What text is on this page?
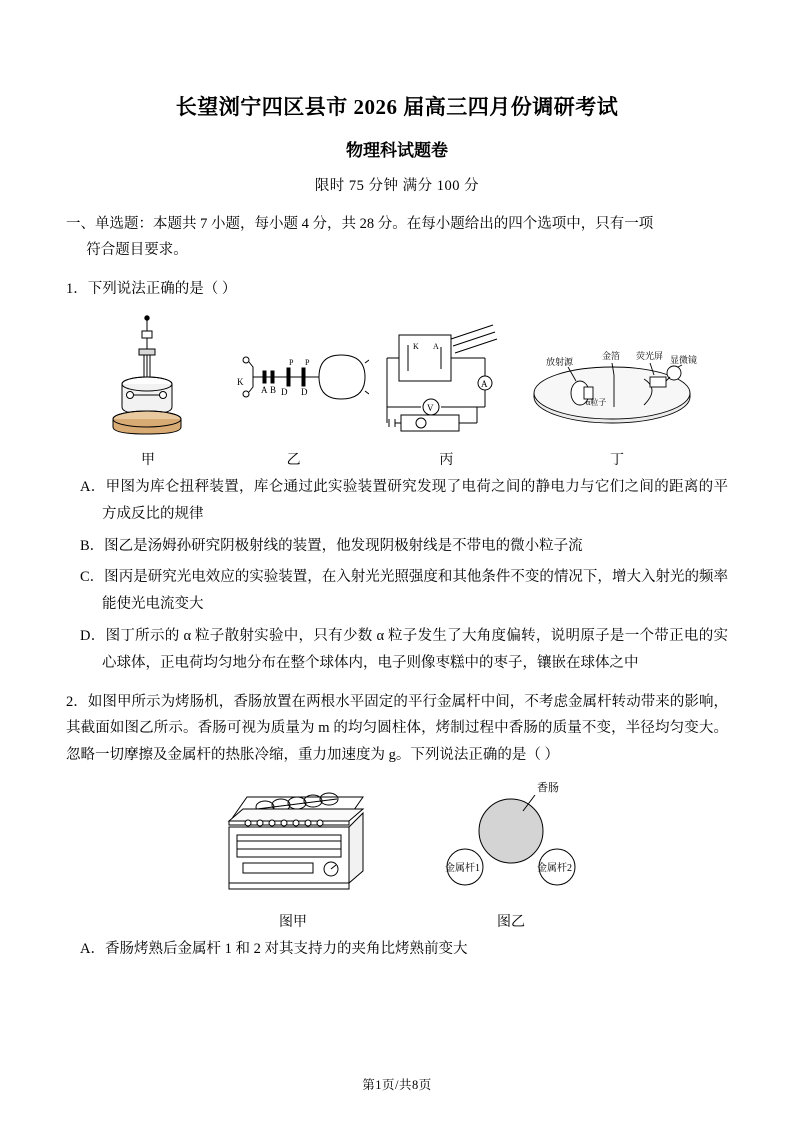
长望浏宁四区县市 2026 届高三四月份调研考试
物理科试题卷
限时 75 分钟 满分 100 分
一、单选题：本题共 7 小题，每小题 4 分，共 28 分。在每小题给出的四个选项中，只有一项
符合题目要求。
1．下列说法正确的是（ ）
甲
K
A B D D
P P
乙
K A
A
V
丙
放射源
金箔 荧光屏 显微镜
α粒子
丁
A．甲图为库仑扭秤装置，库仑通过此实验装置研究发现了电荷之间的静电力与它们之间的距离的平方成反比的规律
B．图乙是汤姆孙研究阴极射线的装置，他发现阴极射线是不带电的微小粒子流
C．图丙是研究光电效应的实验装置，在入射光光照强度和其他条件不变的情况下，增大入射光的频率能使光电流变大
D．图丁所示的 α 粒子散射实验中，只有少数 α 粒子发生了大角度偏转，说明原子是一个带正电的实心球体，正电荷均匀地分布在整个球体内，电子则像枣糕中的枣子，镶嵌在球体之中
2．如图甲所示为烤肠机，香肠放置在两根水平固定的平行金属杆中间，不考虑金属杆转动带来的影响，其截面如图乙所示。香肠可视为质量为 m 的均匀圆柱体，烤制过程中香肠的质量不变，半径均匀变大。忽略一切摩擦及金属杆的热胀冷缩，重力加速度为 g。下列说法正确的是（ ）
图甲
金属杆1	金属杆2
香肠
图乙
A．香肠烤熟后金属杆 1 和 2 对其支持力的夹角比烤熟前变大
第1页/共8页
